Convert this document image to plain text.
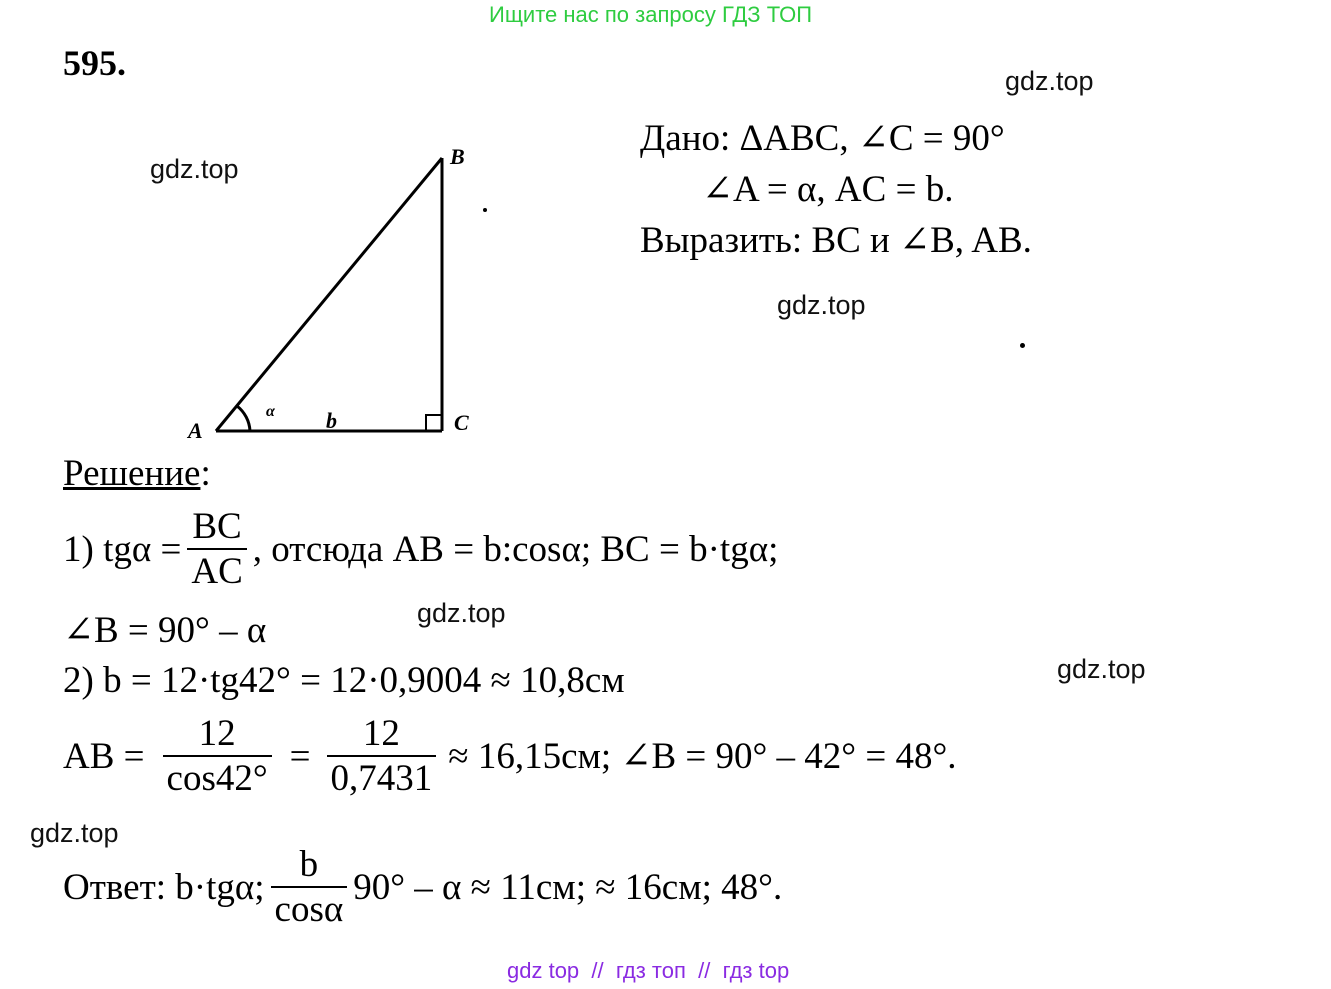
Ищите нас по запросу ГДЗ ТОП
595.	gdz.top
gdz.top
gdz.top
gdz.top
gdz.top
gdz.top
A
B
C
α b
Дано: ΔABC, ∠C = 90°
∠A = α, AC = b.
Выразить: BC и ∠B, AB.
Решение:
1) $tg\alpha = \frac{BC}{AC}$ , отсюда AB = b:cosα; BC = b·tgα;
∠B = 90° – α
2) b = 12·tg42° = 12·0,9004 ≈ 10,8см
AB = $\frac{12}{\cos 42^\circ} = \frac{12}{0,7431} \approx 16,15см$; ∠B = 90° – 42° = 48°.
Ответ: b·tgα; $\frac{b}{\cos\alpha} 90^\circ - \alpha \approx 11см$; ≈ 16см; 48°.
gdz top  //  гдз топ  //  гдз top
